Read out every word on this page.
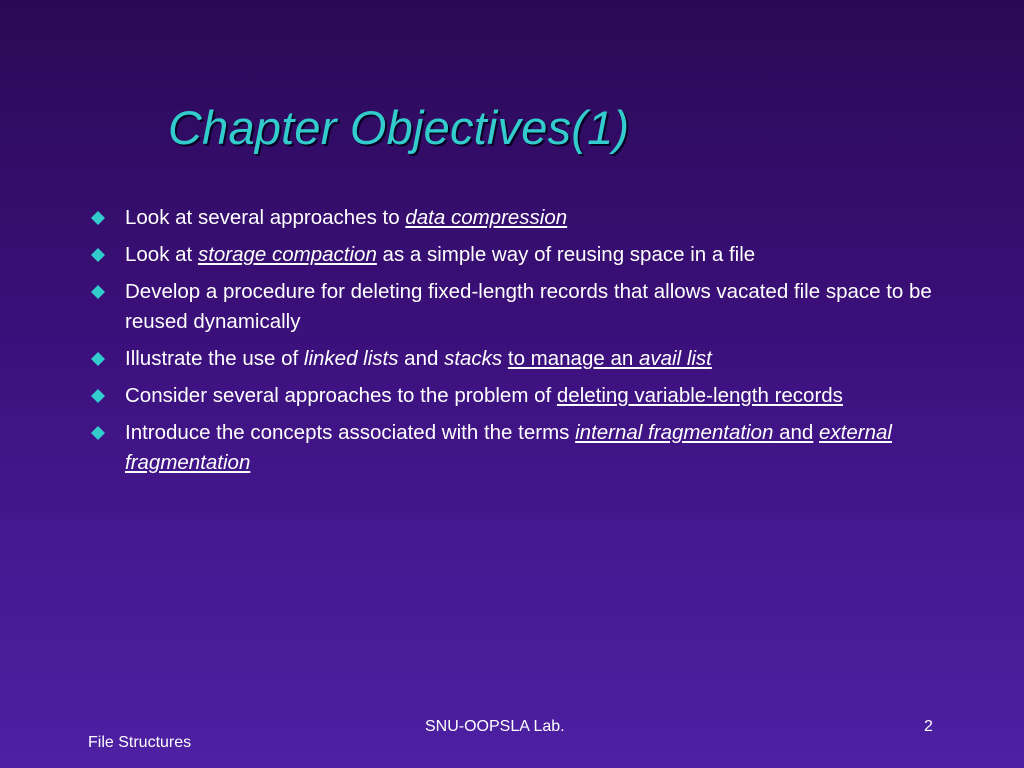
Chapter Objectives(1)
Look at several approaches to data compression
Look at storage compaction as a simple way of reusing space in a file
Develop a procedure for deleting fixed-length records that allows vacated file space to be reused dynamically
Illustrate the use of linked lists and stacks to manage an avail list
Consider several approaches to the problem of deleting variable-length records
Introduce the concepts associated with the terms internal fragmentation and external fragmentation
File Structures
SNU-OOPSLA Lab.	2
